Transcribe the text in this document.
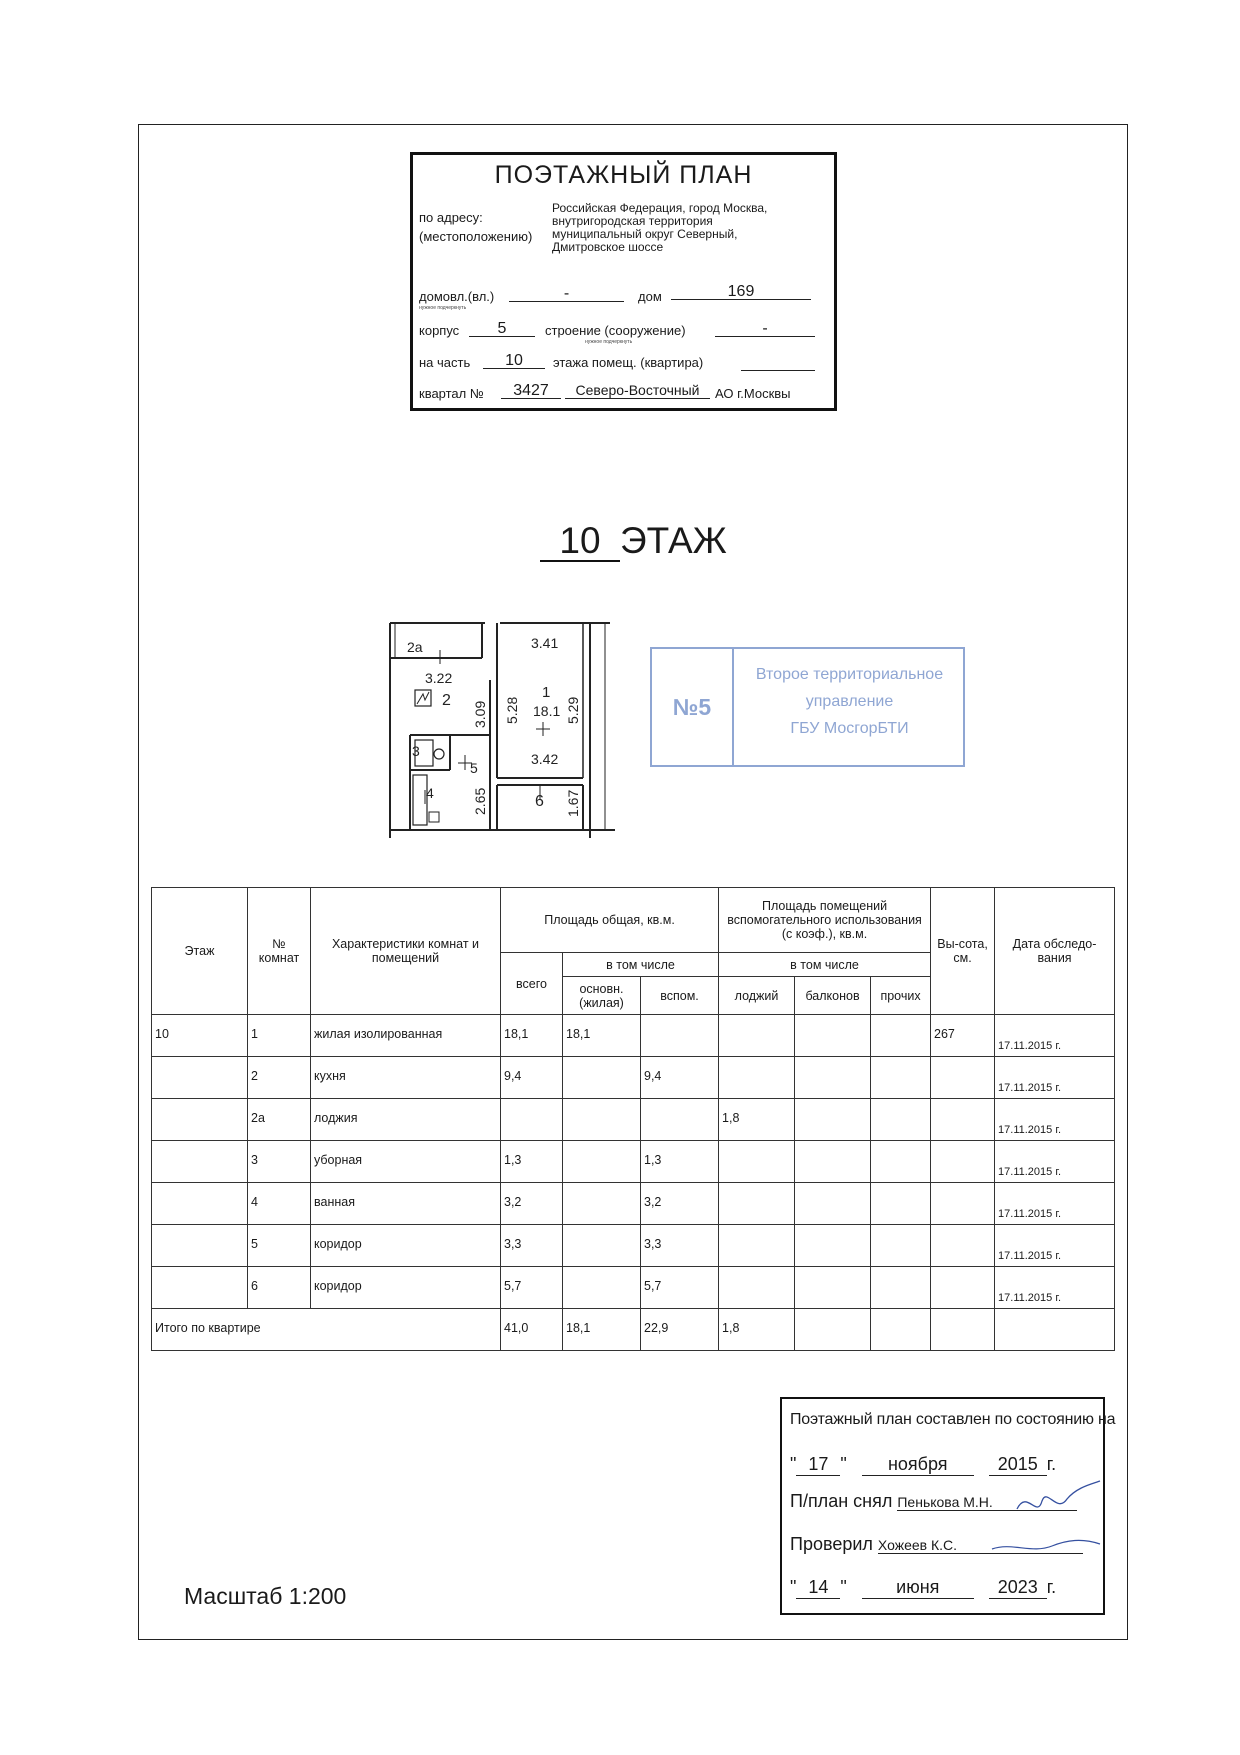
ПОЭТАЖНЫЙ ПЛАН
по адресу:
(местоположению)
Российская Федерация, город Москва,
внутригородская территория
муниципальный округ Северный,
Дмитровское шоссе
домовл.(вл.)	-
нужное подчеркнуть
дом	169
корпус	5	строение (сооружение)	-
нужное подчеркнуть
на часть	10	этажа помещ. (квартира)
квартал №	3427	Северо-Восточный	АО г.Москвы
10 ЭТАЖ
2а
3.22
3.41
2	1
18.1
3
5
3.42
4	6
3.09 5.28	5.29
2.65	1.67
№5
Второе территориальное
управление
ГБУ МосгорБТИ
Этаж	№ комнат	Характеристики комнат и помещений	Площадь общая, кв.м.			Площадь помещений вспомогательного использования (с коэф.), кв.м.			Вы-сота, см.	Дата обследо-вания
			всего	в том числе		в том числе				
				основн. (жилая)	вспом.	лоджий	балконов	прочих		
10	1	жилая изолированная	18,1	18,1					267	17.11.2015 г.
	2	кухня	9,4		9,4					17.11.2015 г.
	2а	лоджия				1,8				17.11.2015 г.
	3	уборная	1,3		1,3					17.11.2015 г.
	4	ванная	3,2		3,2					17.11.2015 г.
	5	коридор	3,3		3,3					17.11.2015 г.
	6	коридор	5,7		5,7					17.11.2015 г.
Итого по квартире			41,0	18,1	22,9	1,8				
Поэтажный план составлен по состоянию на
" 17 " ноября	2015 г.
П/план снял Пенькова М.Н.
Проверил Хожеев К.С.
" 14 " июня	2023 г.
Масштаб 1:200
